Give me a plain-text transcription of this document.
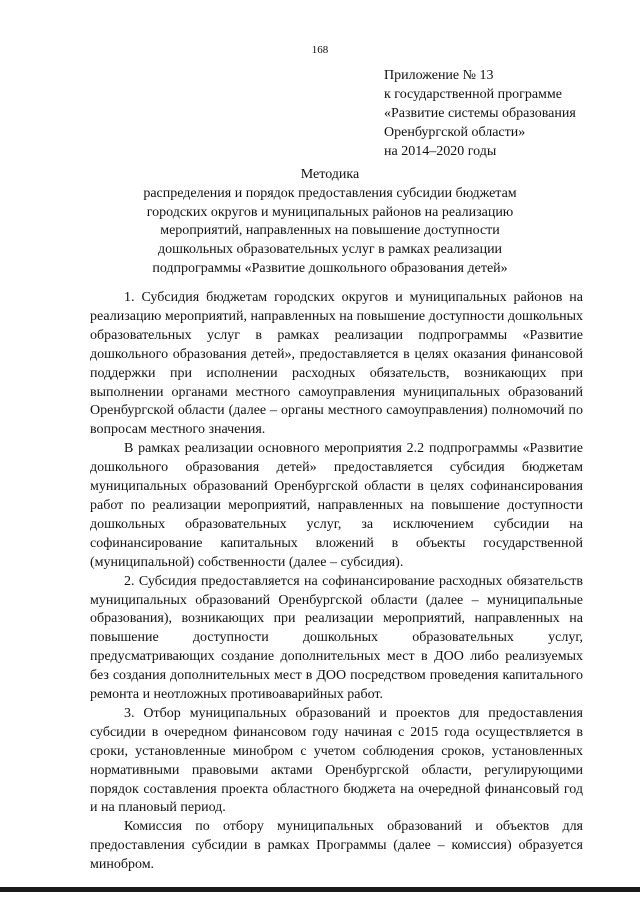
168
Приложение № 13
к государственной программе
«Развитие системы образования
Оренбургской области»
на 2014–2020 годы
Методика
распределения и порядок предоставления субсидии бюджетам
городских округов и муниципальных районов на реализацию
мероприятий, направленных на повышение доступности
дошкольных образовательных услуг в рамках реализации
подпрограммы «Развитие дошкольного образования детей»

1. Субсидия бюджетам городских округов и муниципальных районов на реализацию мероприятий, направленных на повышение доступности дошкольных образовательных услуг в рамках реализации подпрограммы «Развитие дошкольного образования детей», предоставляется в целях оказания финансовой поддержки при исполнении расходных обязательств, возникающих при выполнении органами местного самоуправления муниципальных образований Оренбургской области (далее – органы местного самоуправления) полномочий по вопросам местного значения.

В рамках реализации основного мероприятия 2.2 подпрограммы «Развитие дошкольного образования детей» предоставляется субсидия бюджетам муниципальных образований Оренбургской области в целях софинансирования работ по реализации мероприятий, направленных на повышение доступности дошкольных образовательных услуг, за исключением субсидии на софинансирование капитальных вложений в объекты государственной (муниципальной) собственности (далее – субсидия).

2. Субсидия предоставляется на софинансирование расходных обязательств муниципальных образований Оренбургской области (далее – муниципальные образования), возникающих при реализации мероприятий, направленных на повышение доступности дошкольных образовательных услуг, предусматривающих создание дополнительных мест в ДОО либо реализуемых без создания дополнительных мест в ДОО посредством проведения капитального ремонта и неотложных противоаварийных работ.

3. Отбор муниципальных образований и проектов для предоставления субсидии в очередном финансовом году начиная с 2015 года осуществляется в сроки, установленные минобром с учетом соблюдения сроков, установленных нормативными правовыми актами Оренбургской области, регулирующими порядок составления проекта областного бюджета на очередной финансовый год и на плановый период.

Комиссия по отбору муниципальных образований и объектов для предоставления субсидии в рамках Программы (далее – комиссия) образуется минобром.
